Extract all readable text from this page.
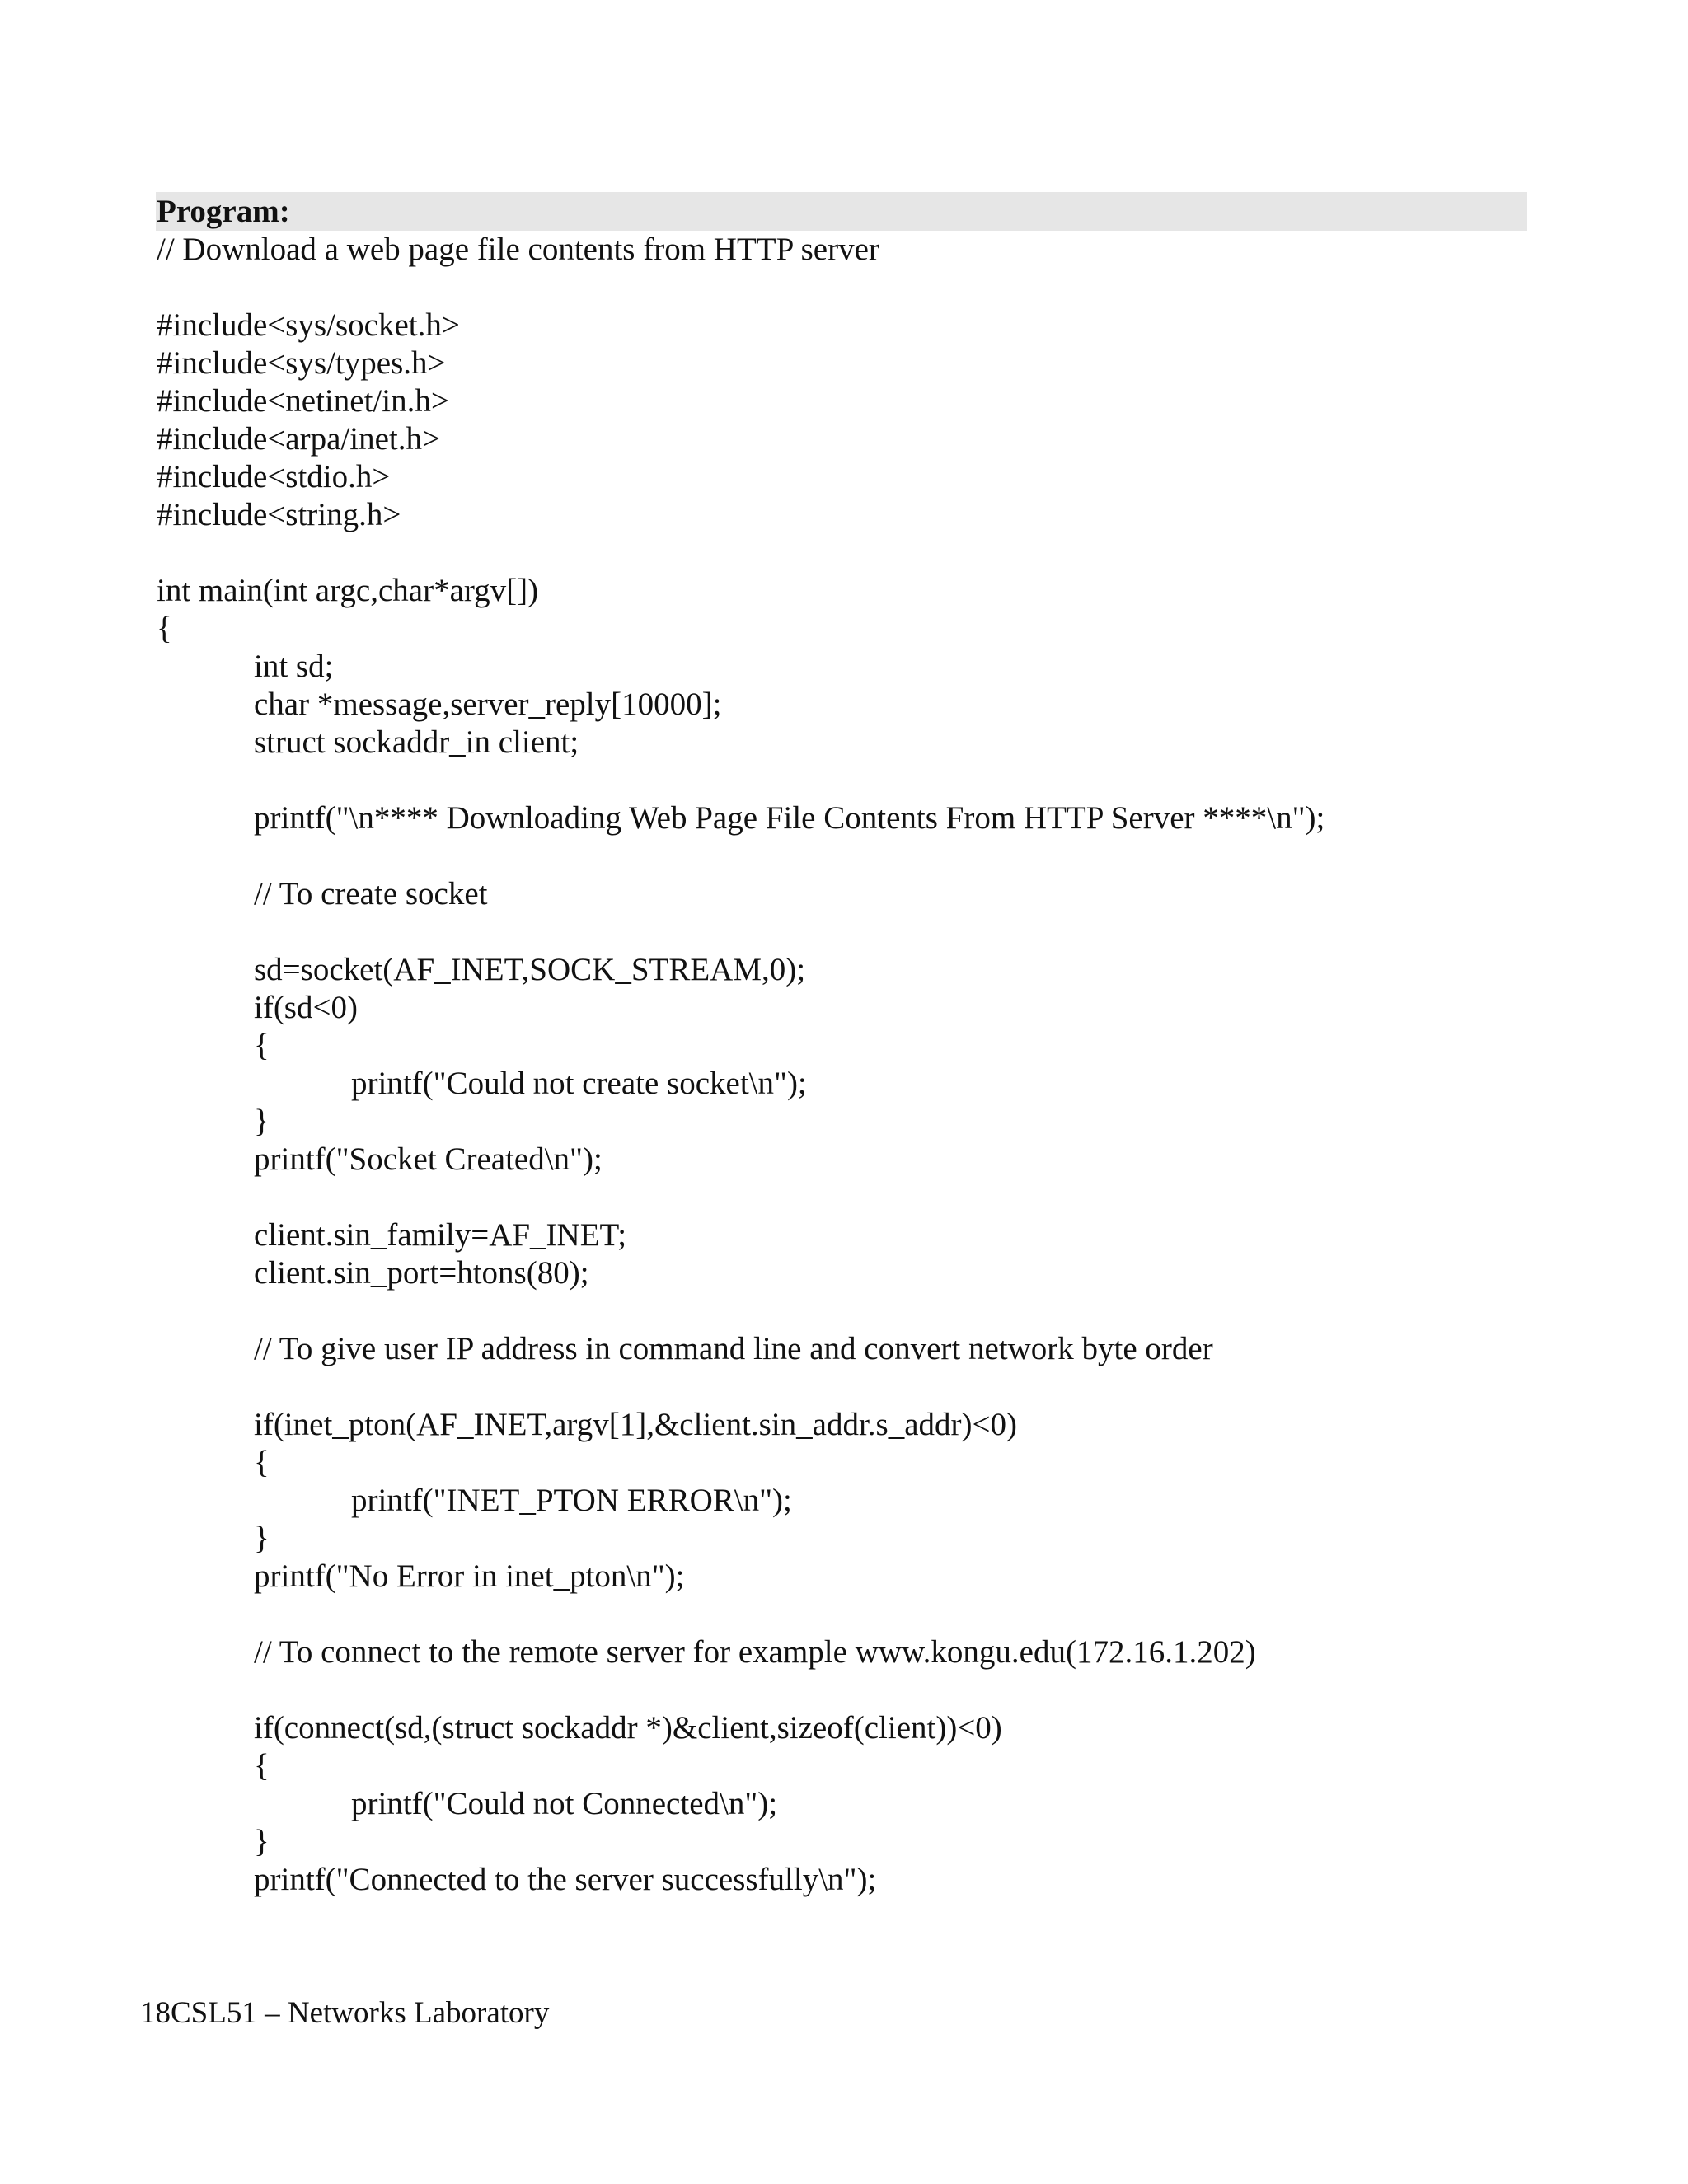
Program:
// Download a web page file contents from HTTP server
#include<sys/socket.h>
#include<sys/types.h>
#include<netinet/in.h>
#include<arpa/inet.h>
#include<stdio.h>
#include<string.h>
int main(int argc,char*argv[])
{
int sd;
char *message,server_reply[10000];
struct sockaddr_in client;
printf("\n**** Downloading Web Page File Contents From HTTP Server ****\n");
// To create socket
sd=socket(AF_INET,SOCK_STREAM,0);
if(sd<0)
{
printf("Could not create socket\n");
}
printf("Socket Created\n");
client.sin_family=AF_INET;
client.sin_port=htons(80);
// To give user IP address in command line and convert network byte order
if(inet_pton(AF_INET,argv[1],&client.sin_addr.s_addr)<0)
{
printf("INET_PTON ERROR\n");
}
printf("No Error in inet_pton\n");
// To connect to the remote server for example www.kongu.edu(172.16.1.202)
if(connect(sd,(struct sockaddr *)&client,sizeof(client))<0)
{
printf("Could not Connected\n");
}
printf("Connected to the server successfully\n");
18CSL51 – Networks Laboratory
